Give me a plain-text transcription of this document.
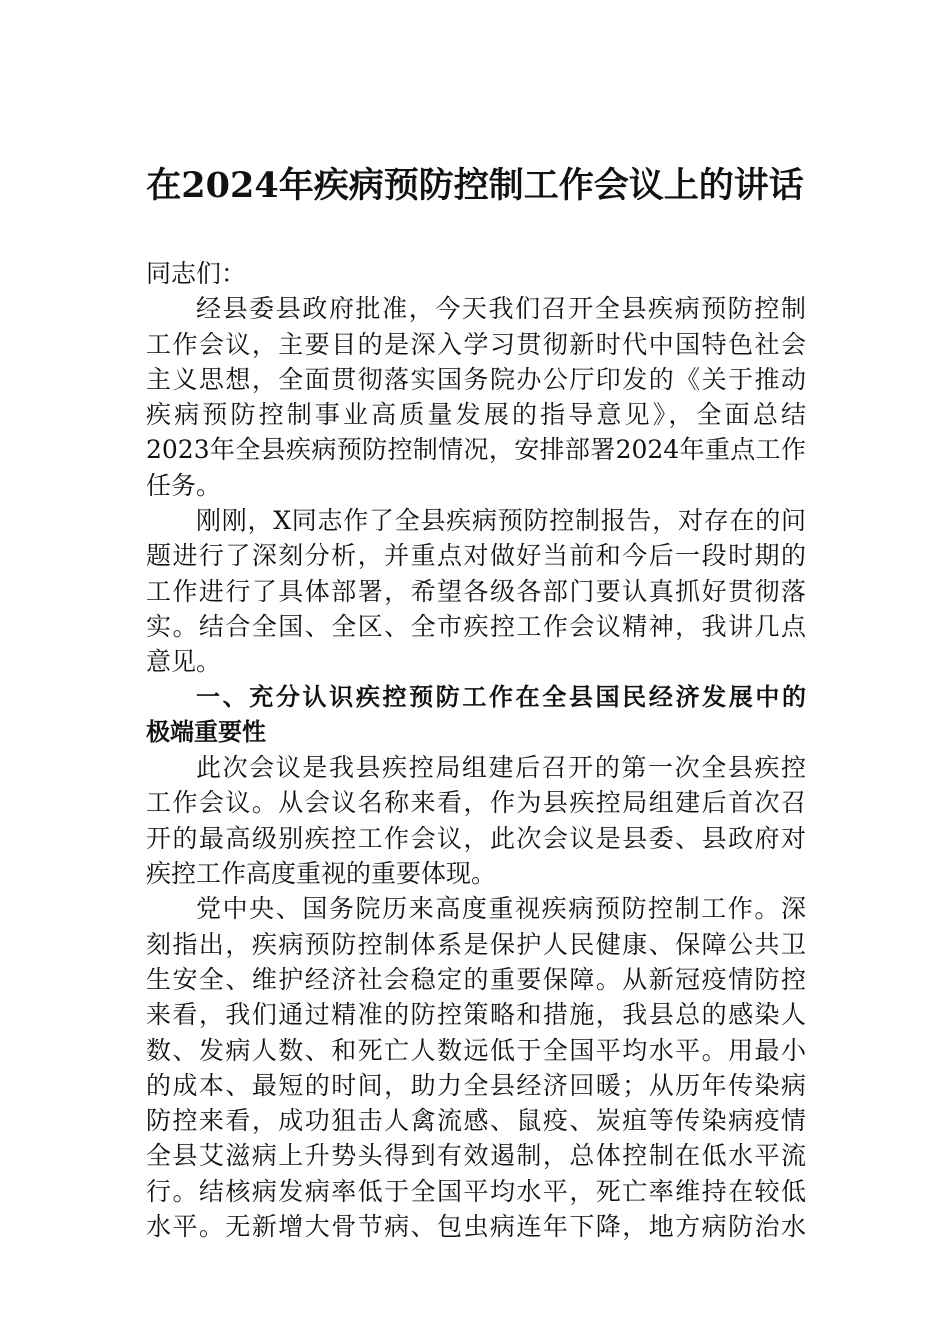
在2024年疾病预防控制工作会议上的讲话
同志们：
经县委县政府批准，今天我们召开全县疾病预防控制
工作会议，主要目的是深入学习贯彻新时代中国特色社会
主义思想，全面贯彻落实国务院办公厅印发的《关于推动
疾病预防控制事业高质量发展的指导意见》，全面总结
2023年全县疾病预防控制情况，安排部署2024年重点工作
任务。
刚刚，X同志作了全县疾病预防控制报告，对存在的问
题进行了深刻分析，并重点对做好当前和今后一段时期的
工作进行了具体部署，希望各级各部门要认真抓好贯彻落
实。结合全国、全区、全市疾控工作会议精神，我讲几点
意见。
一、充分认识疾控预防工作在全县国民经济发展中的
极端重要性
此次会议是我县疾控局组建后召开的第一次全县疾控
工作会议。从会议名称来看，作为县疾控局组建后首次召
开的最高级别疾控工作会议，此次会议是县委、县政府对
疾控工作高度重视的重要体现。
党中央、国务院历来高度重视疾病预防控制工作。深
刻指出，疾病预防控制体系是保护人民健康、保障公共卫
生安全、维护经济社会稳定的重要保障。从新冠疫情防控
来看，我们通过精准的防控策略和措施，我县总的感染人
数、发病人数、和死亡人数远低于全国平均水平。用最小
的成本、最短的时间，助力全县经济回暖；从历年传染病
防控来看，成功狙击人禽流感、鼠疫、炭疽等传染病疫情
全县艾滋病上升势头得到有效遏制，总体控制在低水平流
行。结核病发病率低于全国平均水平，死亡率维持在较低
水平。无新增大骨节病、包虫病连年下降，地方病防治水
